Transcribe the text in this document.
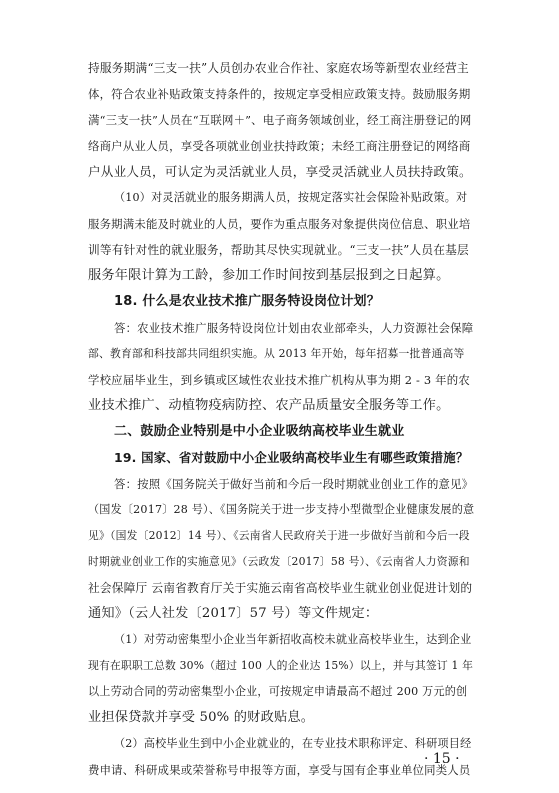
持服务期满“三支一扶”人员创办农业合作社、家庭农场等新型农业经营主
体，符合农业补贴政策支持条件的，按规定享受相应政策支持。鼓励服务期
满“三支一扶”人员在“互联网＋”、电子商务领域创业，经工商注册登记的网
络商户从业人员，享受各项就业创业扶持政策；未经工商注册登记的网络商
户从业人员，可认定为灵活就业人员，享受灵活就业人员扶持政策。
（10）对灵活就业的服务期满人员，按规定落实社会保险补贴政策。对
服务期满未能及时就业的人员，要作为重点服务对象提供岗位信息、职业培
训等有针对性的就业服务，帮助其尽快实现就业。“三支一扶”人员在基层
服务年限计算为工龄，参加工作时间按到基层报到之日起算。
18. 什么是农业技术推广服务特设岗位计划？
答：农业技术推广服务特设岗位计划由农业部牵头，人力资源社会保障
部、教育部和科技部共同组织实施。从 2013 年开始，每年招募一批普通高等
学校应届毕业生，到乡镇或区域性农业技术推广机构从事为期 2 - 3 年的农
业技术推广、动植物疫病防控、农产品质量安全服务等工作。
二、鼓励企业特别是中小企业吸纳高校毕业生就业
19. 国家、省对鼓励中小企业吸纳高校毕业生有哪些政策措施？
答：按照《国务院关于做好当前和今后一段时期就业创业工作的意见》
（国发〔2017〕28 号）、《国务院关于进一步支持小型微型企业健康发展的意
见》（国发〔2012〕14 号）、《云南省人民政府关于进一步做好当前和今后一段
时期就业创业工作的实施意见》（云政发〔2017〕58 号）、《云南省人力资源和
社会保障厅 云南省教育厅关于实施云南省高校毕业生就业创业促进计划的
通知》（云人社发〔2017〕57 号）等文件规定：
（1）对劳动密集型小企业当年新招收高校未就业高校毕业生，达到企业
现有在职职工总数 30%（超过 100 人的企业达 15%）以上，并与其签订 1 年
以上劳动合同的劳动密集型小企业，可按规定申请最高不超过 200 万元的创
业担保贷款并享受 50% 的财政贴息。
（2）高校毕业生到中小企业就业的，在专业技术职称评定、科研项目经
费申请、科研成果或荣誉称号申报等方面，享受与国有企事业单位同类人员
· 15 ·
